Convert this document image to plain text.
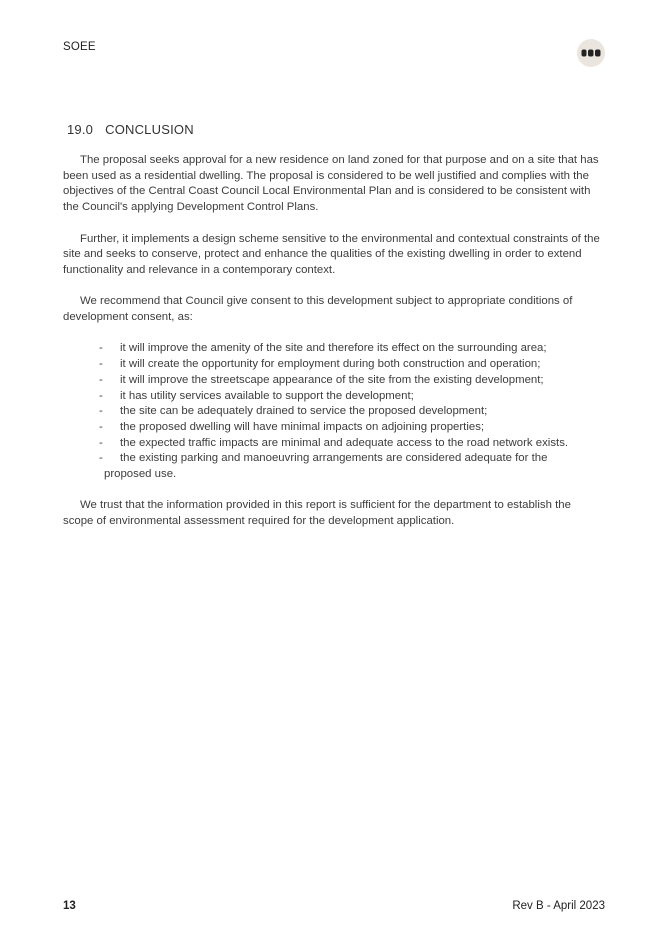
SOEE
19.0 CONCLUSION

The proposal seeks approval for a new residence on land zoned for that purpose and on a site that has been used as a residential dwelling. The proposal is considered to be well justified and complies with the objectives of the Central Coast Council Local Environmental Plan and is considered to be consistent with the Council's applying Development Control Plans.

Further, it implements a design scheme sensitive to the environmental and contextual constraints of the site and seeks to conserve, protect and enhance the qualities of the existing dwelling in order to extend functionality and relevance in a contemporary context.

We recommend that Council give consent to this development subject to appropriate conditions of development consent, as:

- it will improve the amenity of the site and therefore its effect on the surrounding area;
- it will create the opportunity for employment during both construction and operation;
- it will improve the streetscape appearance of the site from the existing development;
- it has utility services available to support the development;
- the site can be adequately drained to service the proposed development;
- the proposed dwelling will have minimal impacts on adjoining properties;
- the expected traffic impacts are minimal and adequate access to the road network exists.
- the existing parking and manoeuvring arrangements are considered adequate for the
proposed use.

We trust that the information provided in this report is sufficient for the department to establish the scope of environmental assessment required for the development application.

13	Rev B - April 2023
